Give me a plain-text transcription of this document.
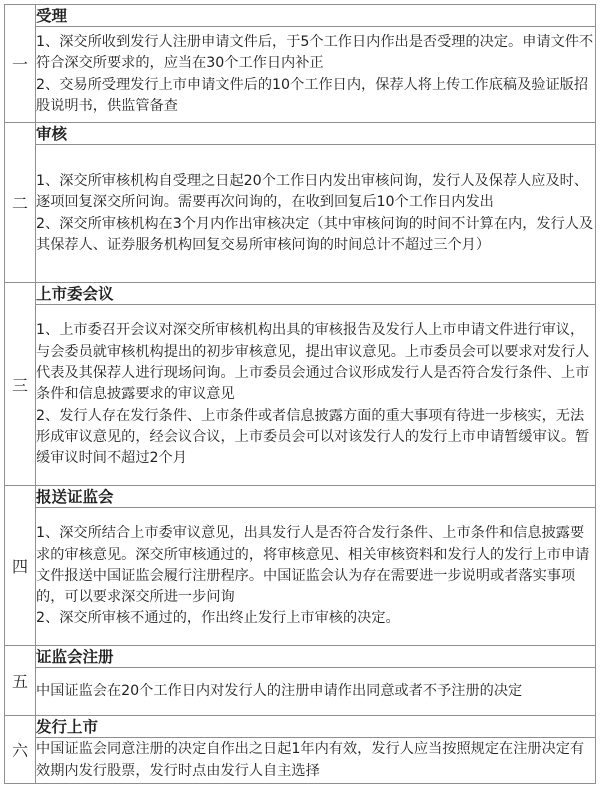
一	受理

	1、深交所收到发行人注册申请文件后，于5个工作日内作出是否受理的决定。申请文件不符合深交所要求的，应当在30个工作日内补正

2、交易所受理发行上市申请文件后的10个工作日内，保荐人将上传工作底稿及验证版招股说明书，供监管备查

二	审核

	1、深交所审核机构自受理之日起20个工作日内发出审核问询，发行人及保荐人应及时、逐项回复深交所问询。需要再次问询的，在收到回复后10个工作日内发出

2、深交所审核机构在3个月内作出审核决定（其中审核问询的时间不计算在内，发行人及其保荐人、证券服务机构回复交易所审核问询的时间总计不超过三个月）

三	上市委会议

	1、上市委召开会议对深交所审核机构出具的审核报告及发行人上市申请文件进行审议，与会委员就审核机构提出的初步审核意见，提出审议意见。上市委员会可以要求对发行人代表及其保荐人进行现场问询。上市委员会通过合议形成发行人是否符合发行条件、上市条件和信息披露要求的审议意见

2、发行人存在发行条件、上市条件或者信息披露方面的重大事项有待进一步核实，无法形成审议意见的，经会议合议，上市委员会可以对该发行人的发行上市申请暂缓审议。暂缓审议时间不超过2个月

四	报送证监会

	1、深交所结合上市委审议意见，出具发行人是否符合发行条件、上市条件和信息披露要求的审核意见。深交所审核通过的，将审核意见、相关审核资料和发行人的发行上市申请文件报送中国证监会履行注册程序。中国证监会认为存在需要进一步说明或者落实事项的，可以要求深交所进一步问询

2、深交所审核不通过的，作出终止发行上市审核的决定。

五	证监会注册

	中国证监会在20个工作日内对发行人的注册申请作出同意或者不予注册的决定

六	发行上市

	中国证监会同意注册的决定自作出之日起1年内有效，发行人应当按照规定在注册决定有效期内发行股票，发行时点由发行人自主选择
